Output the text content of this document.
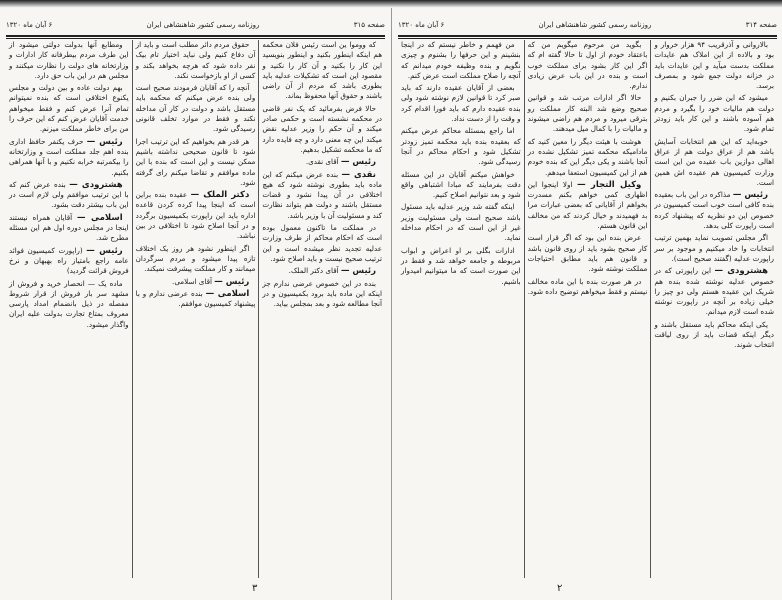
صفحه ۳۱۵
روزنامه رسمی کشور شاهنشاهی ایران
۶ آبان ماه ۱۳۲۰

که ووموا ین است رئیس فلان محکمه هم اینکه اینطور بکنید و اینطور بنویسید این کار را بکنید و آن کار را نکنید و مقصود این است که تشکیلات عدلیه باید بطوری باشد که مردم از آن راضی باشند و حقوق آنها محفوظ بماند.

حالا فرض بفرمائید که یک نفر قاضی در محکمه نشسته است و حکمی صادر میکند و آن حکم را وزیر عدلیه نقض میکند این چه معنی دارد و چه فایده دارد که ما محکمه تشکیل بدهیم.

رئیس — آقای نقدی.

نقدی — بنده عرض میکنم که این ماده باید بطوری نوشته شود که هیچ اختلافی در آن پیدا نشود و قضات مستقل باشند و دولت هم بتواند نظارت کند و مسئولیت آن با وزیر باشد.

در مملکت ما تاکنون معمول بوده است که احکام محاکم از طرف وزارت عدلیه تجدید نظر میشده است و این ترتیب صحیح نیست و باید اصلاح شود.

رئیس — آقای دکتر الملک.

بنده در این خصوص عرضی ندارم جز اینکه این ماده باید برود بکمیسیون و در آنجا مطالعه شود و بعد بمجلس بیاید.

حقوق مردم دائر مطلب است و باید از آن دفاع کنیم ولی نباید اختیار تام بیک نفر داده شود که هرچه بخواهد بکند و کسی از او بازخواست نکند.

آنچه را که آقایان فرمودند صحیح است ولی بنده عرض میکنم که محکمه باید مستقل باشد و دولت در کار آن مداخله نکند و فقط در موارد تخلف قانونی رسیدگی شود.

هر قدر هم بخواهیم که این ترتیب اجرا شود تا قانون صحیحی نداشته باشیم ممکن نیست و این است که بنده با این ماده موافقم و تقاضا میکنم رای گرفته شود.

دکتر الملک — عقیده بنده براین است که اینجا پیدا کرده کردن قاعده اداره باید این راپورت بکمیسیون برگردد و در آنجا اصلاح شود تا اختلافی در بین نباشد.

اگر اینطور نشود هر روز یک اختلاف تازه پیدا میشود و مردم سرگردان میمانند و کار مملکت پیشرفت نمیکند.

رئیس — آقای اسلامی.

اسلامی — بنده عرضی ندارم و با پیشنهاد کمیسیون موافقم.

ومطابع آنها بدولت دولتی میشود از این طرف مردم بیطرفانه کار ادارات و وزارتخانه های دولت را نظارت میکنند و مجلس هم در این باب حق دارد.

بهم دولت عاده و بین دولت و مجلس یکنوع اختلافی است که بنده نمیتوانم تمام آنرا عرض کنم و فقط میخواهم خدمت آقایان عرض کنم که این حرف را من برای خاطر مملکت میزنم.

رئیس — حرف یکنفر حافظ اداری بنده اهم جلد مملکت است و وزارتخانه را بیکمرتبه خرابه نکنیم و با آنها همراهی بکنیم.

هشترودی — بنده عرض کنم که با این ترتیب موافقم ولی لازم است در این باب بیشتر دقت بشود.

اسلامی — آقایان همراه نیستند اینجا در مجلس دوره اول هم این مسئله مطرح شد.

رئیس — (راپورت کمیسیون فوائد عامه راجع بامتیاز راه بهبهان و نرخ فروش قرائت گردید)

ماده یک — انحصار خرید و فروش از مشهد سر بار فروش از قرار شروط مفصله در ذیل بانضمام امداد پارسی معروف بمتاع تجارت بدولت علیه ایران واگذار میشود.

۳
صفحه ۳۱۴
روزنامه رسمی کشور شاهنشاهی ایران
۶ آبان ماه ۱۳۲۰

بالاروانی و آذرقریب ۹۴ هزار خروار و بود و بالاده از این املاک هم عایدات مملکت بدست میآید و این عایدات باید در خزانه دولت جمع شود و بمصرف برسد.

میشود که این ضرر را جبران بکنیم و دولت هم مالیات خود را بگیرد و مردم هم آسوده باشند و این کار باید زودتر تمام شود.

خوبه‌اید که این هم انتخابات آسایش باشد هم از عراق دولت هم از عراق اهالی دوازین باب عقیده من این است وزارت کمیسیون هم عقیده اش همین است.

رئیس — مذاکره در این باب بعقیده بنده کافی است خوب است کمیسیون در خصوص این دو نظریه که پیشنهاد کرده است راپورت کلی بدهد.

اگر مجلس تصویب نماید بهمین ترتیب انتخابات وا خاد میکنیم و موجود بر سر راپورت عدلیه (گفتند صحیح است).

هشترودی — این راپورتی که در خصوص عدلیه نوشته شده بنده هم شریک این عقیده هستم ولی دو چیز را خیلی زیاده بر آنچه در راپورت نوشته شده است لازم میدانم.

یکی اینکه محاکم باید مستقل باشند و دیگر اینکه قضات باید از روی لیاقت انتخاب شوند.

بگوید من مرحوم میگویم من که باعتقاد خودم از اول تا حالا گفته ام که اگر این کار بشود برای مملکت خوب است و بنده در این باب عرض زیادی ندارم.

حالا اگر ادارات مرتب شد و قوانین صحیح وضع شد البته کار مملکت رو بترقی میرود و مردم هم راضی میشوند و مالیات را با کمال میل میدهند.

هوشت با هیئت دیگر را معین کنید که مادامیکه محکمه تمیز تشکیل نشده در آنجا باشند و یکی دیگر این که بنده خودم هم از این کمیسیون استعفا میدهم.

وکیل التجار — اولا اینجوا این اظهاری کمی خواهم بکنم مسدرت بخواهم از آقایانی که بعضی عبارات مرا بد فهمیدند و خیال کردند که من مخالف این قانون هستم.

عرض بنده این بود که اگر قرار است کار صحیح بشود باید از روی قانون باشد و قانون هم باید مطابق احتیاجات مملکت نوشته شود.

در هر صورت بنده با این ماده مخالف نیستم و فقط میخواهم توضیح داده شود.

من فهمم و خاطر نیستم که در اینجا بنشینم و این حرفها را بشنوم و چیزی نگویم و بنده وظیفه خودم میدانم که آنچه را صلاح مملکت است عرض کنم.

بعضی از آقایان عقیده دارند که باید صبر کرد تا قوانین لازم نوشته شود ولی بنده عقیده دارم که باید فورا اقدام کرد و وقت را از دست نداد.

اما راجع بمسئله محاکم عرض میکنم که بعقیده بنده باید محکمه تمیز زودتر تشکیل شود و احکام محاکم در آنجا رسیدگی شود.

خواهش میکنم آقایان در این مسئله دقت بفرمایند که مبادا اشتباهی واقع شود و بعد نتوانیم اصلاح کنیم.

اینکه گفته شد وزیر عدلیه باید مسئول باشد صحیح است ولی مسئولیت وزیر غیر از این است که در احکام مداخله نماید.

ادارات بگلی بر او اعراض و ابواب مربوطه و جامعه خواهد شد و فقط در این صورت است که ما میتوانیم امیدوار باشیم.

۲
